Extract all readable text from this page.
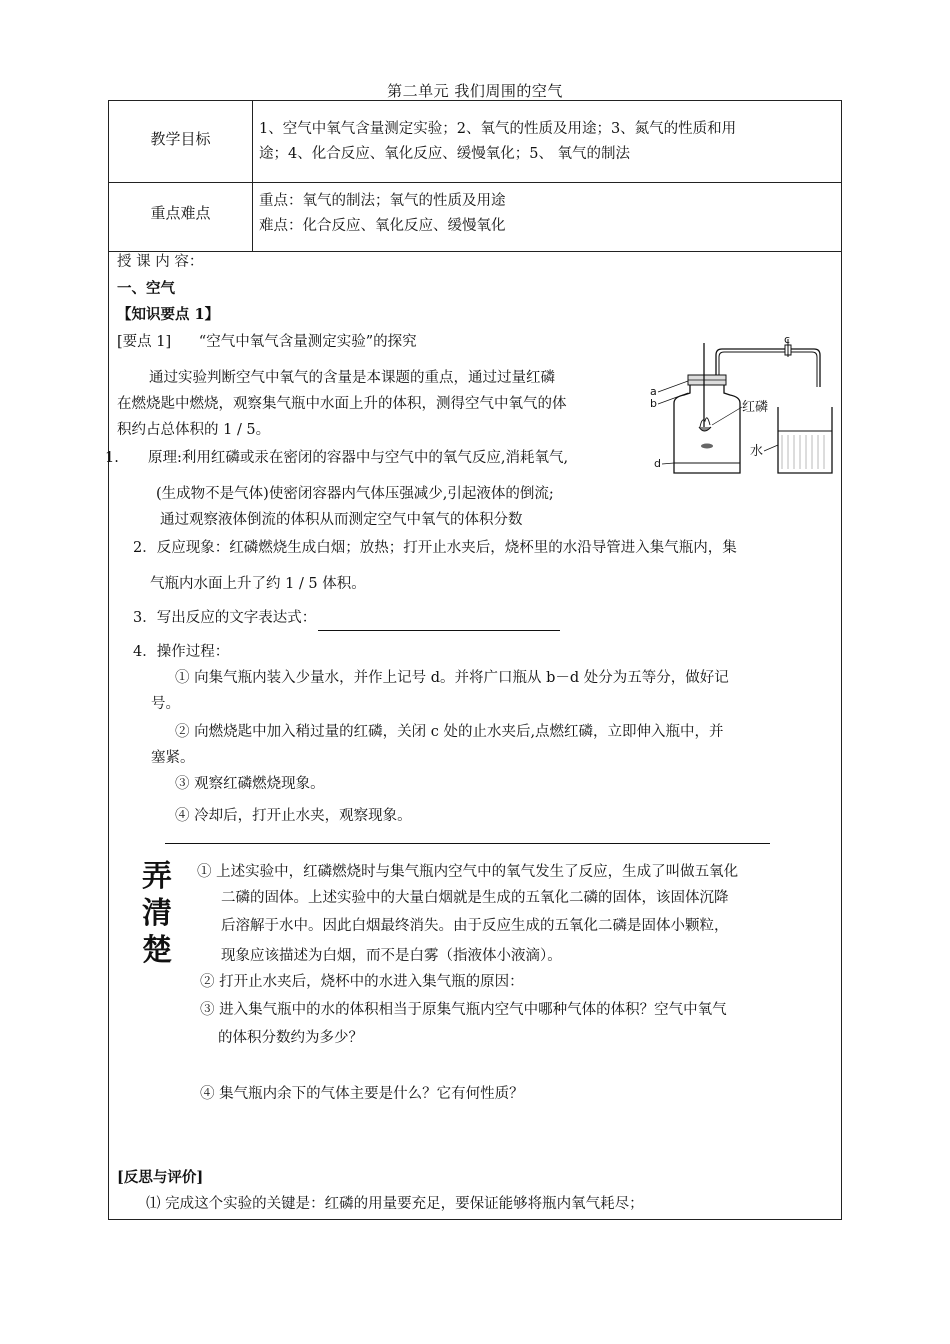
第二单元 我们周围的空气
教学目标
1、空气中氧气含量测定实验；2、氧气的性质及用途；3、氮气的性质和用
途；4、化合反应、氧化反应、缓慢氧化；5、 氧气的制法
重点难点
重点：氧气的制法；氧气的性质及用途
难点：化合反应、氧化反应、缓慢氧化
授 课 内 容：
一、空气
【知识要点 1】
[要点 1]      “空气中氧气含量测定实验”的探究
通过实验判断空气中氧气的含量是本课题的重点，通过过量红磷
在燃烧匙中燃烧，观察集气瓶中水面上升的体积，测得空气中氧气的体
积约占总体积的 1 / 5。
1. 原理:利用红磷或汞在密闭的容器中与空气中的氧气反应,消耗氧气,
(生成物不是气体)使密闭容器内气体压强减少,引起液体的倒流;
通过观察液体倒流的体积从而测定空气中氧气的体积分数
2．反应现象：红磷燃烧生成白烟；放热；打开止水夹后，烧杯里的水沿导管进入集气瓶内，集
气瓶内水面上升了约 1 / 5 体积。
3．写出反应的文字表达式：
4．操作过程：
① 向集气瓶内装入少量水，并作上记号 d。并将广口瓶从 b－d 处分为五等分，做好记
号。
② 向燃烧匙中加入稍过量的红磷，关闭 c 处的止水夹后,点燃红磷，立即伸入瓶中，并
塞紧。
③ 观察红磷燃烧现象。
④ 冷却后，打开止水夹，观察现象。
弄
清
楚
① 上述实验中，红磷燃烧时与集气瓶内空气中的氧气发生了反应，生成了叫做五氧化
二磷的固体。上述实验中的大量白烟就是生成的五氧化二磷的固体，该固体沉降
后溶解于水中。因此白烟最终消失。由于反应生成的五氧化二磷是固体小颗粒，
现象应该描述为白烟，而不是白雾（指液体小液滴）。
② 打开止水夹后，烧杯中的水进入集气瓶的原因：
③ 进入集气瓶中的水的体积相当于原集气瓶内空气中哪种气体的体积？空气中氧气
的体积分数约为多少？
④ 集气瓶内余下的气体主要是什么？它有何性质？
[反思与评价]
⑴ 完成这个实验的关键是：红磷的用量要充足，要保证能够将瓶内氧气耗尽；
a
b
c
d
红磷
水
